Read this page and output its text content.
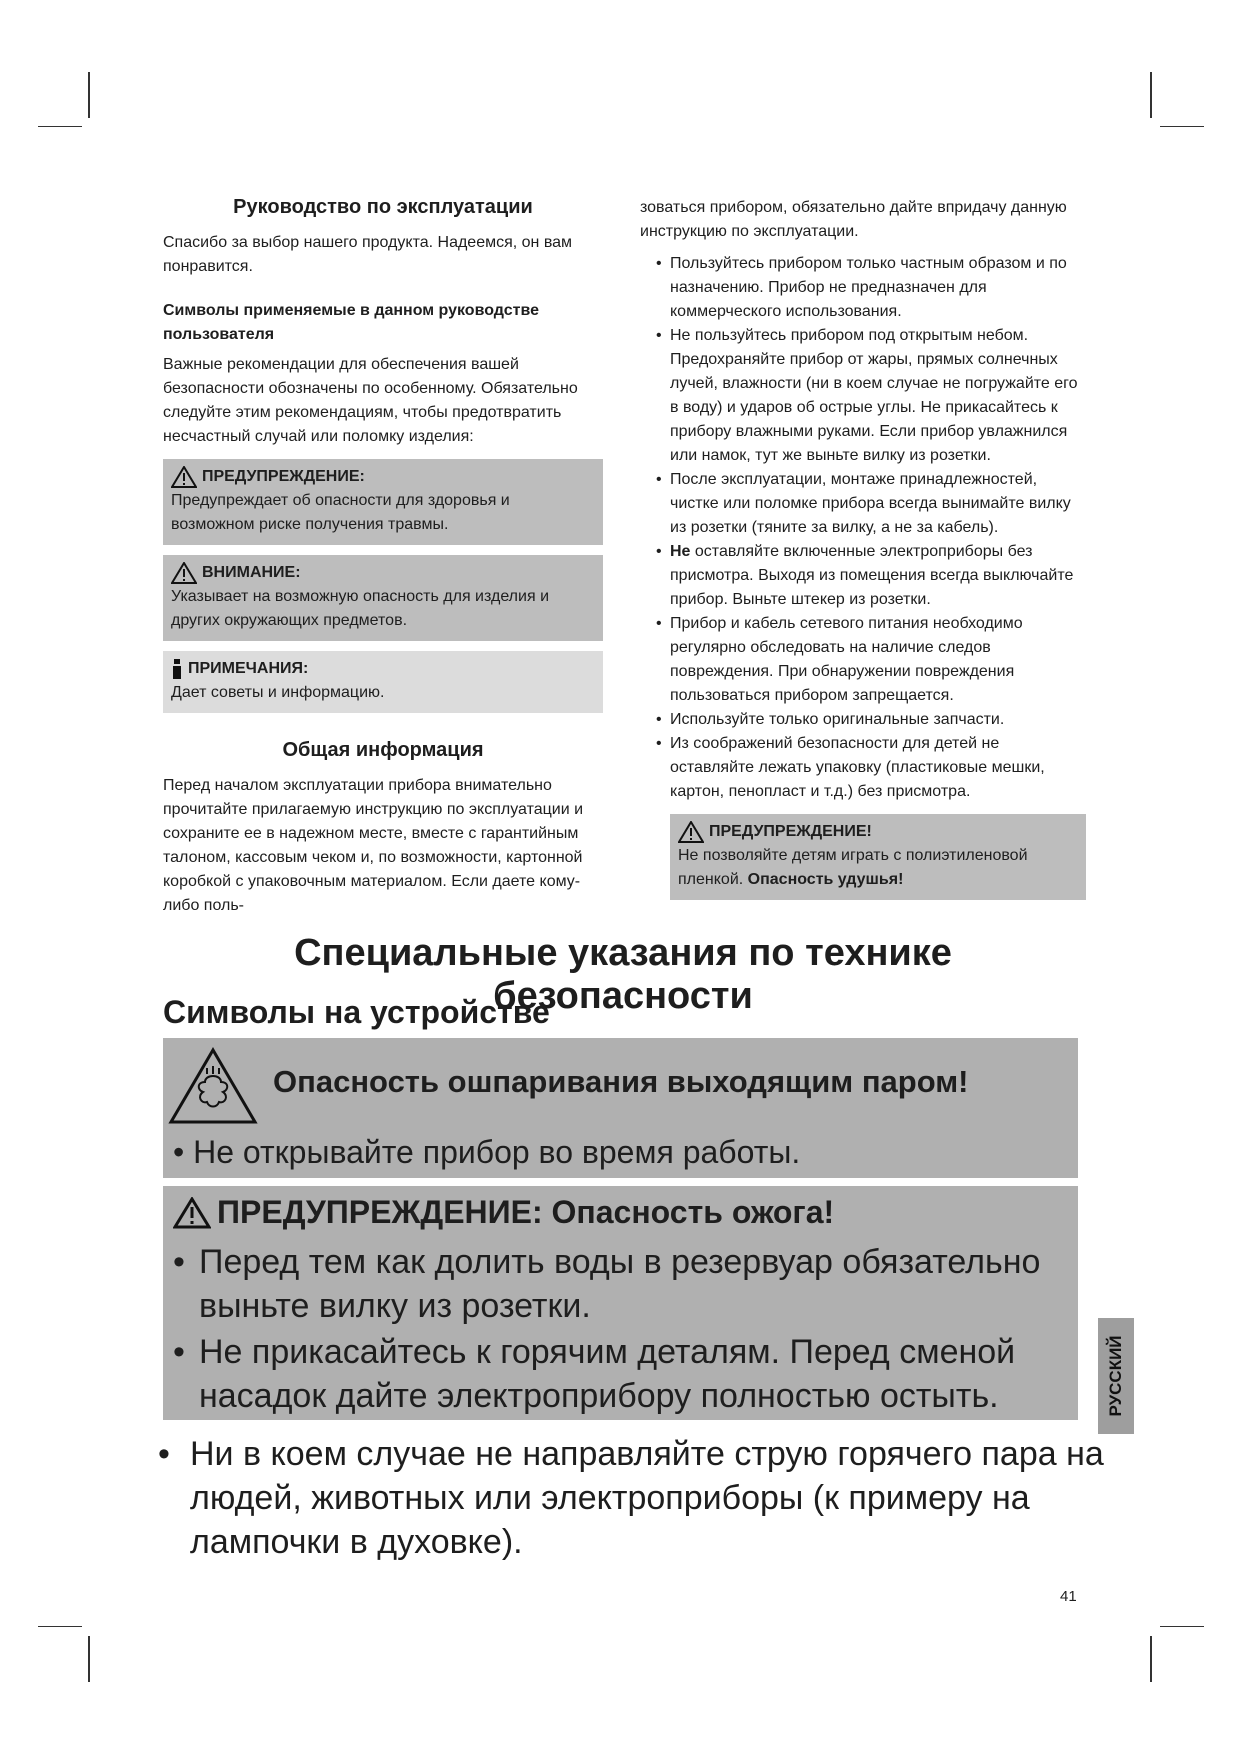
Руководство по эксплуатации

Спасибо за выбор нашего продукта. Надеемся, он вам понравится.

Символы применяемые в данном руководстве пользователя

Важные рекомендации для обеспечения вашей безопасности обозначены по особенному. Обязательно следуйте этим рекомендациям, чтобы предотвратить несчастный случай или поломку изделия:

ПРЕДУПРЕЖДЕНИЕ:
Предупреждает об опасности для здоровья и возможном риске получения травмы.
ВНИМАНИЕ:
Указывает на возможную опасность для изделия и других окружающих предметов.
ПРИМЕЧАНИЯ:
Дает советы и информацию.
Общая информация

Перед началом эксплуатации прибора внимательно прочитайте прилагаемую инструкцию по эксплуатации и сохраните ее в надежном месте, вместе с гарантийным талоном, кассовым чеком и, по возможности, картонной коробкой с упаковочным материалом. Если даете кому-либо поль-

зоваться прибором, обязательно дайте впридачу данную инструкцию по эксплуатации.

• Пользуйтесь прибором только частным образом и по назначению. Прибор не предназначен для коммерческого использования.
• Не пользуйтесь прибором под открытым небом. Предохраняйте прибор от жары, прямых солнечных лучей, влажности (ни в коем случае не погружайте его в воду) и ударов об острые углы. Не прикасайтесь к прибору влажными руками. Если прибор увлажнился или намок, тут же выньте вилку из розетки.
• После эксплуатации, монтаже принадлежностей, чистке или поломке прибора всегда вынимайте вилку из розетки (тяните за вилку, а не за кабель).
• Не оставляйте включенные электроприборы без присмотра. Выходя из помещения всегда выключайте прибор. Выньте штекер из розетки.
• Прибор и кабель сетевого питания необходимо регулярно обследовать на наличие следов повреждения. При обнаружении повреждения пользоваться прибором запрещается.
• Используйте только оригинальные запчасти.
• Из соображений безопасности для детей не оставляйте лежать упаковку (пластиковые мешки, картон, пенопласт и т.д.) без присмотра.
ПРЕДУПРЕЖДЕНИЕ!
Не позволяйте детям играть с полиэтиленовой пленкой. Опасность удушья!
Специальные указания по технике безопасности
Символы на устройстве
Опасность ошпаривания выходящим паром!
• Не открывайте прибор во время работы.
ПРЕДУПРЕЖДЕНИЕ: Опасность ожога!
• Перед тем как долить воды в резервуар обязательно выньте вилку из розетки.
• Не прикасайтесь к горячим деталям. Перед сменой насадок дайте электроприбору полностью остыть.
• Ни в коем случае не направляйте струю горячего пара на людей, животных или электроприборы (к примеру на лампочки в духовке).
РУССКИЙ
41
